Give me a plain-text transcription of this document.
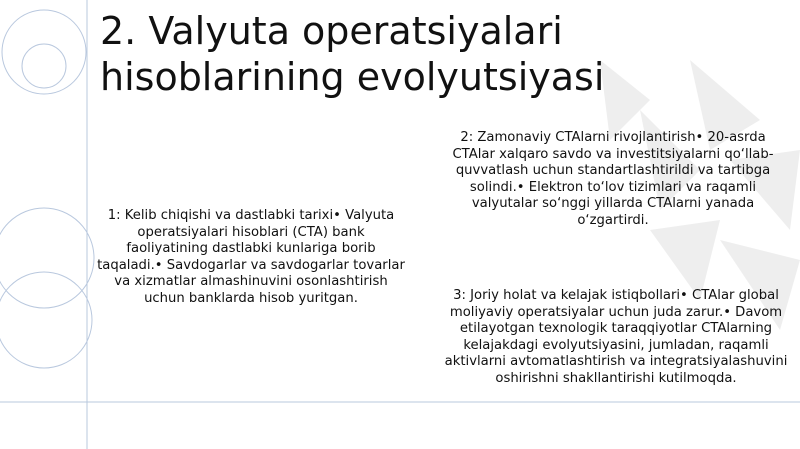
2. Valyuta operatsiyalari
hisoblarining evolyutsiyasi
1: Kelib chiqishi va dastlabki tarixi• Valyuta operatsiyalari hisoblari (CTA) bank faoliyatining dastlabki kunlariga borib taqaladi.• Savdogarlar va savdogarlar tovarlar va xizmatlar almashinuvini osonlashtirish uchun banklarda hisob yuritgan.
2: Zamonaviy CTAlarni rivojlantirish• 20-asrda CTAlar xalqaro savdo va investitsiyalarni qo‘llab-quvvatlash uchun standartlashtirildi va tartibga solindi.• Elektron to‘lov tizimlari va raqamli valyutalar so‘nggi yillarda CTAlarni yanada o‘zgartirdi.
3: Joriy holat va kelajak istiqbollari• CTAlar global moliyaviy operatsiyalar uchun juda zarur.• Davom etilayotgan texnologik taraqqiyotlar CTAlarning kelajakdagi evolyutsiyasini, jumladan, raqamli aktivlarni avtomatlashtirish va integratsiyalashuvini oshirishni shakllantirishi kutilmoqda.
